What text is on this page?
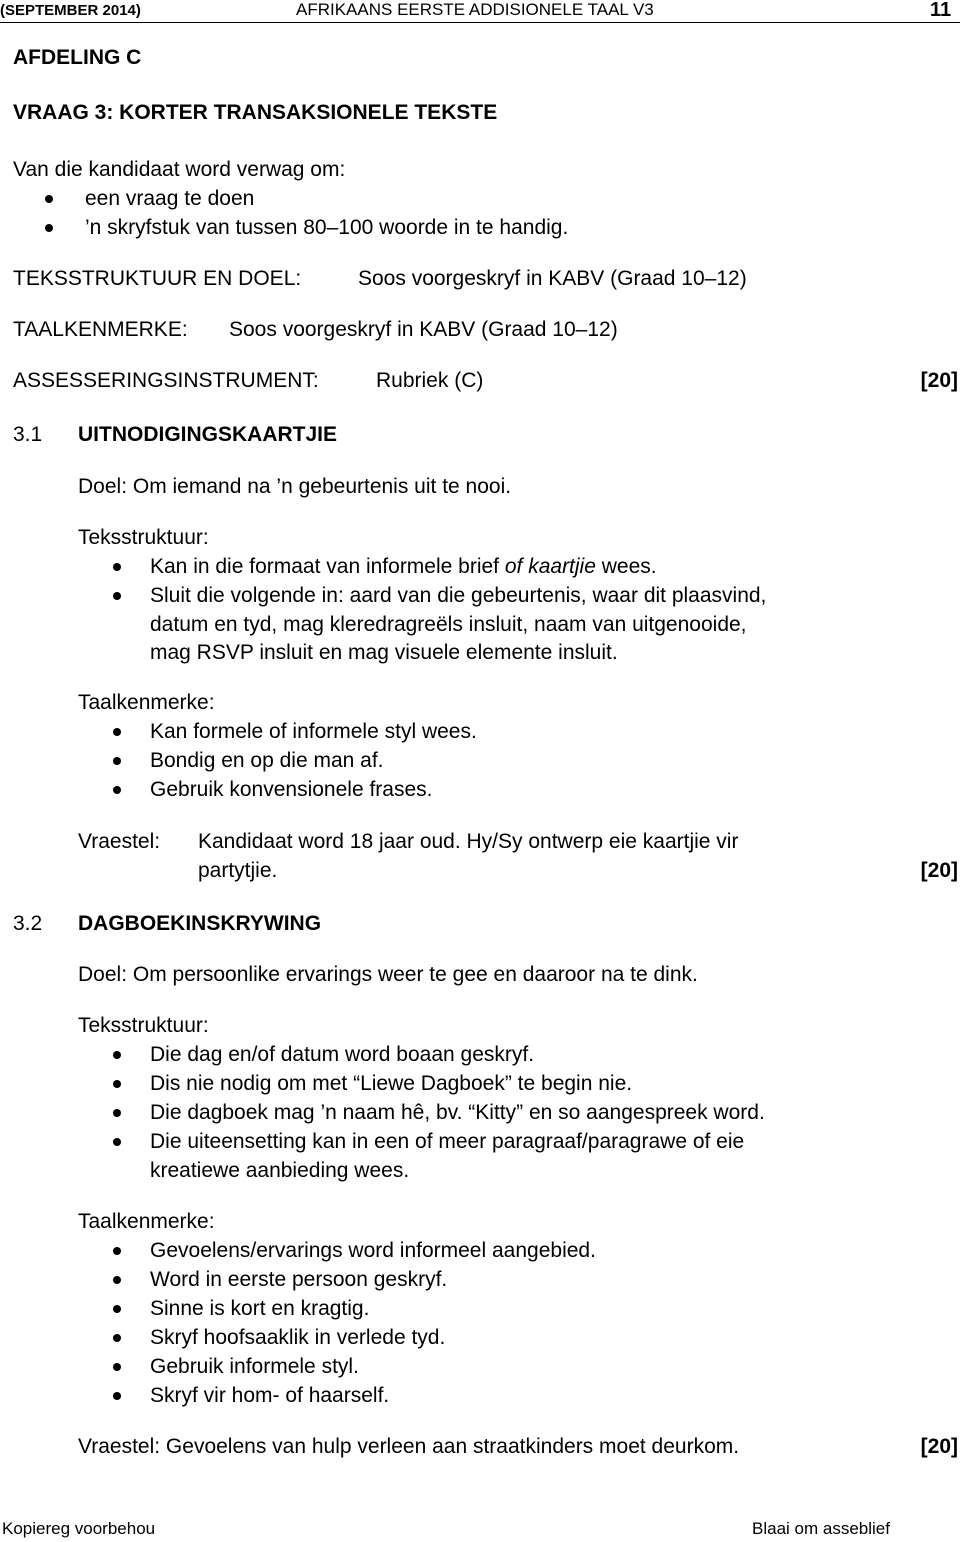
(SEPTEMBER 2014)	AFRIKAANS EERSTE ADDISIONELE TAAL V3	11
AFDELING C
VRAAG 3: KORTER TRANSAKSIONELE TEKSTE
Van die kandidaat word verwag om:
een vraag te doen
’n skryfstuk van tussen 80–100 woorde in te handig.
TEKSSTRUKTUUR EN DOEL:	Soos voorgeskryf in KABV (Graad 10–12)
TAALKENMERKE: Soos voorgeskryf in KABV (Graad 10–12)
ASSESSERINGSINSTRUMENT:	Rubriek (C)	[20]
3.1 UITNODIGINGSKAARTJIE
Doel: Om iemand na ’n gebeurtenis uit te nooi.
Teksstruktuur:
Kan in die formaat van informele brief of kaartjie wees.
Sluit die volgende in: aard van die gebeurtenis, waar dit plaasvind,
datum en tyd, mag kleredragreëls insluit, naam van uitgenooide,
mag RSVP insluit en mag visuele elemente insluit.
Taalkenmerke:
Kan formele of informele styl wees.
Bondig en op die man af.
Gebruik konvensionele frases.
Vraestel: Kandidaat word 18 jaar oud. Hy/Sy ontwerp eie kaartjie vir
partytjie.	[20]
3.2 DAGBOEKINSKRYWING
Doel: Om persoonlike ervarings weer te gee en daaroor na te dink.
Teksstruktuur:
Die dag en/of datum word boaan geskryf.
Dis nie nodig om met “Liewe Dagboek” te begin nie.
Die dagboek mag ’n naam hê, bv. “Kitty” en so aangespreek word.
Die uiteensetting kan in een of meer paragraaf/paragrawe of eie
kreatiewe aanbieding wees.
Taalkenmerke:
Gevoelens/ervarings word informeel aangebied.
Word in eerste persoon geskryf.
Sinne is kort en kragtig.
Skryf hoofsaaklik in verlede tyd.
Gebruik informele styl.
Skryf vir hom- of haarself.
Vraestel: Gevoelens van hulp verleen aan straatkinders moet deurkom.	[20]
Kopiereg voorbehou	Blaai om asseblief
